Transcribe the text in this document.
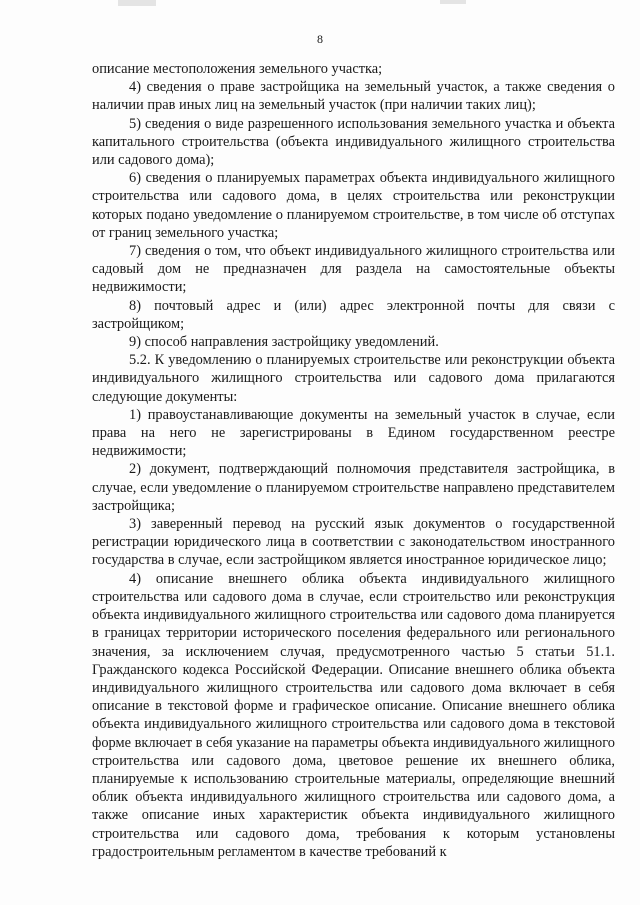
8

описание местоположения земельного участка;

4) сведения о праве застройщика на земельный участок, а также сведения о наличии прав иных лиц на земельный участок (при наличии таких лиц);

5) сведения о виде разрешенного использования земельного участка и объекта капитального строительства (объекта индивидуального жилищного строительства или садового дома);

6) сведения о планируемых параметрах объекта индивидуального жилищного строительства или садового дома, в целях строительства или реконструкции которых подано уведомление о планируемом строительстве, в том числе об отступах от границ земельного участка;

7) сведения о том, что объект индивидуального жилищного строительства или садовый дом не предназначен для раздела на самостоятельные объекты недвижимости;

8) почтовый адрес и (или) адрес электронной почты для связи с застройщиком;

9) способ направления застройщику уведомлений.

5.2. К уведомлению о планируемых строительстве или реконструкции объекта индивидуального жилищного строительства или садового дома прилагаются следующие документы:

1) правоустанавливающие документы на земельный участок в случае, если права на него не зарегистрированы в Едином государственном реестре недвижимости;

2) документ, подтверждающий полномочия представителя застройщика, в случае, если уведомление о планируемом строительстве направлено представителем застройщика;

3) заверенный перевод на русский язык документов о государственной регистрации юридического лица в соответствии с законодательством иностранного государства в случае, если застройщиком является иностранное юридическое лицо;

4) описание внешнего облика объекта индивидуального жилищного строительства или садового дома в случае, если строительство или реконструкция объекта индивидуального жилищного строительства или садового дома планируется в границах территории исторического поселения федерального или регионального значения, за исключением случая, предусмотренного частью 5 статьи 51.1. Гражданского кодекса Российской Федерации. Описание внешнего облика объекта индивидуального жилищного строительства или садового дома включает в себя описание в текстовой форме и графическое описание. Описание внешнего облика объекта индивидуального жилищного строительства или садового дома в текстовой форме включает в себя указание на параметры объекта индивидуального жилищного строительства или садового дома, цветовое решение их внешнего облика, планируемые к использованию строительные материалы, определяющие внешний облик объекта индивидуального жилищного строительства или садового дома, а также описание иных характеристик объекта индивидуального жилищного строительства или садового дома, требования к которым установлены градостроительным регламентом в качестве требований к
